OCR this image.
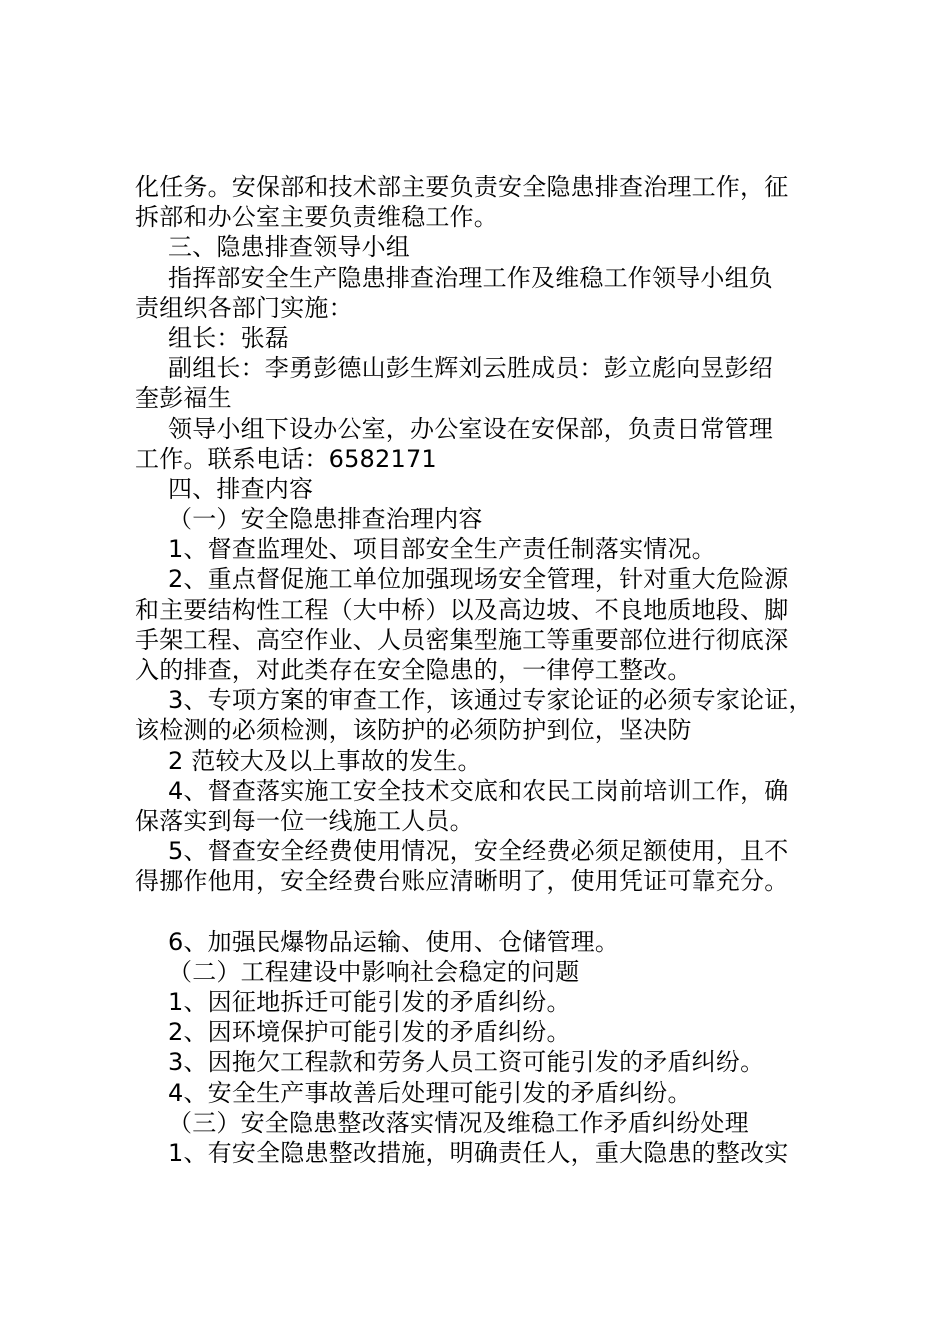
化任务。安保部和技术部主要负责安全隐患排查治理工作，征
拆部和办公室主要负责维稳工作。
三、隐患排查领导小组
指挥部安全生产隐患排查治理工作及维稳工作领导小组负
责组织各部门实施：
组长：张磊
副组长：李勇彭德山彭生辉刘云胜成员：彭立彪向昱彭绍
奎彭福生
领导小组下设办公室，办公室设在安保部，负责日常管理
工作。联系电话：6582171
四、排查内容
（一）安全隐患排查治理内容
1、督查监理处、项目部安全生产责任制落实情况。
2、重点督促施工单位加强现场安全管理，针对重大危险源
和主要结构性工程（大中桥）以及高边坡、不良地质地段、脚
手架工程、高空作业、人员密集型施工等重要部位进行彻底深
入的排查，对此类存在安全隐患的，一律停工整改。
3、专项方案的审查工作，该通过专家论证的必须专家论证，
该检测的必须检测，该防护的必须防护到位，坚决防
2 范较大及以上事故的发生。
4、督查落实施工安全技术交底和农民工岗前培训工作，确
保落实到每一位一线施工人员。
5、督查安全经费使用情况，安全经费必须足额使用，且不
得挪作他用，安全经费台账应清晰明了，使用凭证可靠充分。
6、加强民爆物品运输、使用、仓储管理。
（二）工程建设中影响社会稳定的问题
1、因征地拆迁可能引发的矛盾纠纷。
2、因环境保护可能引发的矛盾纠纷。
3、因拖欠工程款和劳务人员工资可能引发的矛盾纠纷。
4、安全生产事故善后处理可能引发的矛盾纠纷。
（三）安全隐患整改落实情况及维稳工作矛盾纠纷处理
1、有安全隐患整改措施，明确责任人，重大隐患的整改实
